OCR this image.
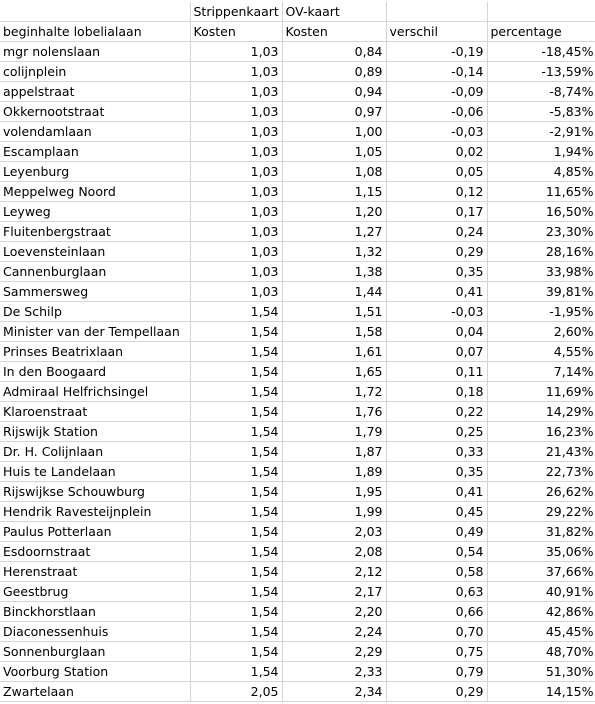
	Strippenkaart	OV-kaart		
beginhalte lobelialaan	Kosten	Kosten	verschil	percentage
mgr nolenslaan	1,03	0,84	-0,19	-18,45%
colijnplein	1,03	0,89	-0,14	-13,59%
appelstraat	1,03	0,94	-0,09	-8,74%
Okkernootstraat	1,03	0,97	-0,06	-5,83%
volendamlaan	1,03	1,00	-0,03	-2,91%
Escamplaan	1,03	1,05	0,02	1,94%
Leyenburg	1,03	1,08	0,05	4,85%
Meppelweg Noord	1,03	1,15	0,12	11,65%
Leyweg	1,03	1,20	0,17	16,50%
Fluitenbergstraat	1,03	1,27	0,24	23,30%
Loevensteinlaan	1,03	1,32	0,29	28,16%
Cannenburglaan	1,03	1,38	0,35	33,98%
Sammersweg	1,03	1,44	0,41	39,81%
De Schilp	1,54	1,51	-0,03	-1,95%
Minister van der Tempellaan	1,54	1,58	0,04	2,60%
Prinses Beatrixlaan	1,54	1,61	0,07	4,55%
In den Boogaard	1,54	1,65	0,11	7,14%
Admiraal Helfrichsingel	1,54	1,72	0,18	11,69%
Klaroenstraat	1,54	1,76	0,22	14,29%
Rijswijk Station	1,54	1,79	0,25	16,23%
Dr. H. Colijnlaan	1,54	1,87	0,33	21,43%
Huis te Landelaan	1,54	1,89	0,35	22,73%
Rijswijkse Schouwburg	1,54	1,95	0,41	26,62%
Hendrik Ravesteijnplein	1,54	1,99	0,45	29,22%
Paulus Potterlaan	1,54	2,03	0,49	31,82%
Esdoornstraat	1,54	2,08	0,54	35,06%
Herenstraat	1,54	2,12	0,58	37,66%
Geestbrug	1,54	2,17	0,63	40,91%
Binckhorstlaan	1,54	2,20	0,66	42,86%
Diaconessenhuis	1,54	2,24	0,70	45,45%
Sonnenburglaan	1,54	2,29	0,75	48,70%
Voorburg Station	1,54	2,33	0,79	51,30%
Zwartelaan	2,05	2,34	0,29	14,15%
